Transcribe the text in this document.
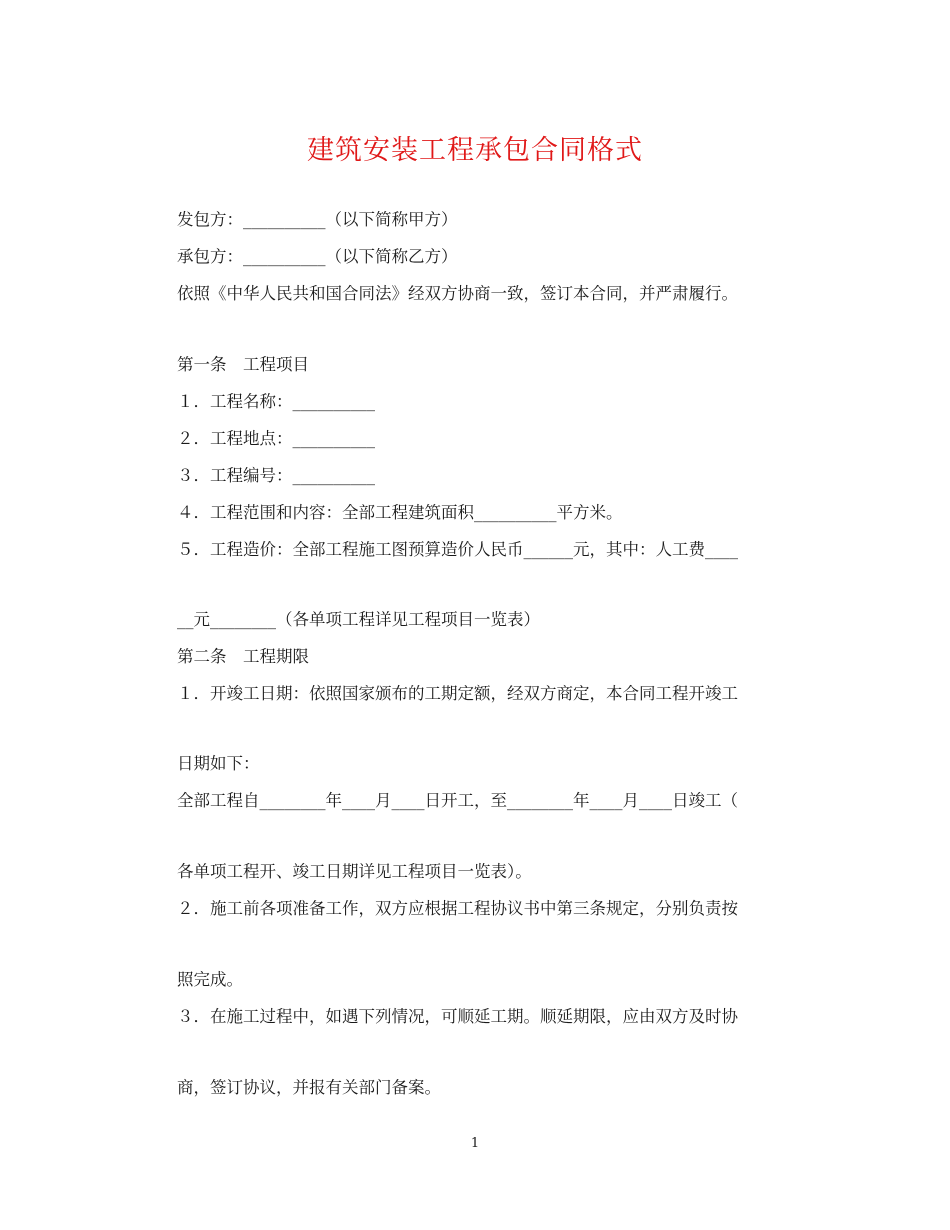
建筑安装工程承包合同格式
发包方：__________（以下简称甲方）
承包方：__________（以下简称乙方）
依照《中华人民共和国合同法》经双方协商一致，签订本合同，并严肃履行。
第一条　工程项目
１．工程名称：__________
２．工程地点：__________
３．工程编号：__________
４．工程范围和内容：全部工程建筑面积__________平方米。
５．工程造价：全部工程施工图预算造价人民币______元，其中：人工费____
__元________（各单项工程详见工程项目一览表）
第二条　工程期限
１．开竣工日期：依照国家颁布的工期定额，经双方商定，本合同工程开竣工
日期如下：
全部工程自________年____月____日开工，至________年____月____日竣工（
各单项工程开、竣工日期详见工程项目一览表）。
２．施工前各项准备工作，双方应根据工程协议书中第三条规定，分别负责按
照完成。
３．在施工过程中，如遇下列情况，可顺延工期。顺延期限，应由双方及时协
商，签订协议，并报有关部门备案。
1
